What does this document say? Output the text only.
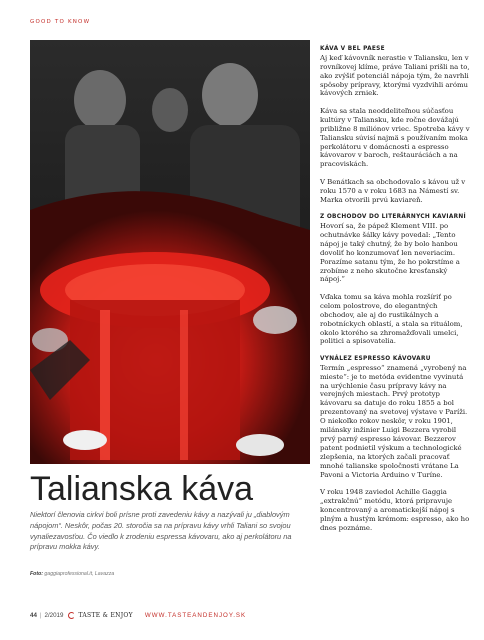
GOOD TO KNOW
Talianska káva

Niektorí členovia cirkvi boli prísne proti zavedeniu kávy a nazývali ju „diablovým nápojom“. Neskôr, počas 20. storočia sa na prípravu kávy vrhli Taliani so svojou vynaliezavosťou. Čo viedlo k zrodeniu espressa kávovaru, ako aj perkolátoru na prípravu mokka kávy.

Foto: gaggiaprofessional.it, Lavazza
KÁVA V BEL PAESE

Aj keď kávovník nerastie v Taliansku, len v rovníkovej klíme, práve Taliani prišli na to, ako zvýšiť potenciál nápoja tým, že navrhli spôsoby prípravy, ktorými vyzdvihli arómu kávových zrniek.

Káva sa stala neoddeliteľnou súčasťou kultúry v Taliansku, kde ročne dovážajú približne 8 miliónov vriec. Spotreba kávy v Taliansku súvisí najmä s používaním moka perkolátoru v domácnosti a espresso kávovarov v baroch, reštauráciách a na pracoviskách.

V Benátkach sa obchodovalo s kávou už v roku 1570 a v roku 1683 na Námestí sv. Marka otvorili prvú kaviareň.

Z OBCHODOV DO LITERÁRNYCH KAVIARNÍ

Hovorí sa, že pápež Klement VIII. po ochutnávke šálky kávy povedal: „Tento nápoj je taký chutný, že by bolo hanbou dovoliť ho konzumovať len neveriacim. Porazíme satanu tým, že ho pokrstíme a zrobíme z neho skutočne kresťanský nápoj.“

Vďaka tomu sa káva mohla rozšíriť po celom polostrove, do elegantných obchodov, ale aj do rustikálnych a robotníckych oblastí, a stala sa rituálom, okolo ktorého sa zhromažďovali umelci, politici a spisovatelia.

VYNÁLEZ ESPRESSO KÁVOVARU

Termín „espresso“ znamená „vyrobený na mieste“: je to metóda evidentne vyvinutá na urýchlenie času prípravy kávy na verejných miestach. Prvý prototyp kávovaru sa datuje do roku 1855 a bol prezentovaný na svetovej výstave v Paríži. O niekoľko rokov neskôr, v roku 1901, milánsky inžinier Luigi Bezzera vyrobil prvý parný espresso kávovar. Bezzerov patent podnietil výskum a technologické zlepšenia, na ktorých začali pracovať mnohé talianske spoločnosti vrátane La Pavoni a Victoria Arduino v Turíne.

V roku 1948 zaviedol Achille Gaggia „extrakčnú“ metódu, ktorá pripravuje koncentrovaný a aromatickejší nápoj s plným a hustým krémom: espresso, ako ho dnes poznáme.

44 | 2/2019	TASTE & ENJOY WWW.TASTEANDENJOY.SK
